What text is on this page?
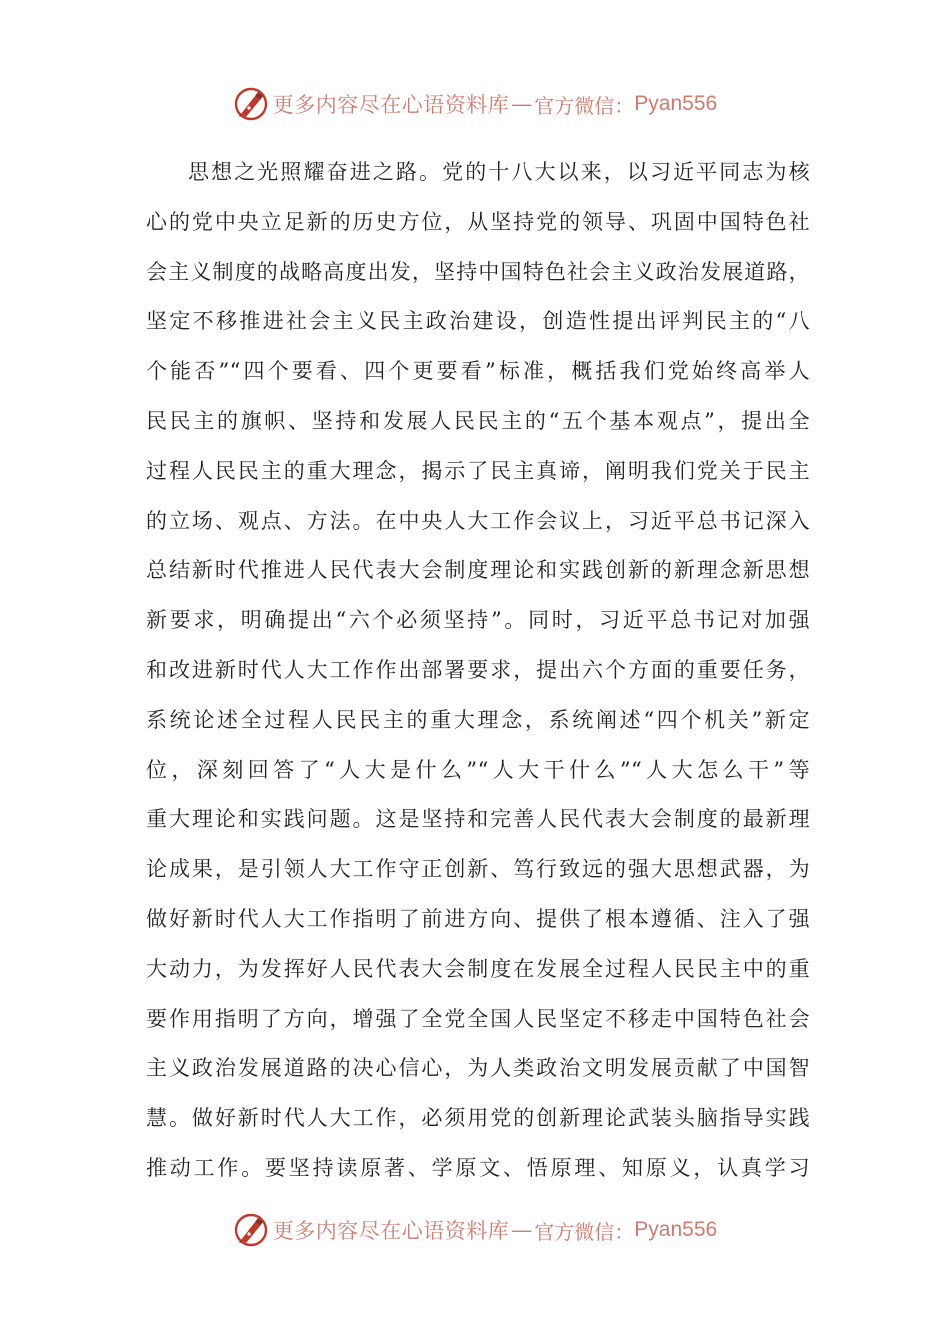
更多内容尽在心语资料库 — 官方微信： Pyan556
思想之光照耀奋进之路。党的十八大以来，以习近平同志为核
心的党中央立足新的历史方位，从坚持党的领导、巩固中国特色社
会主义制度的战略高度出发，坚持中国特色社会主义政治发展道路，
坚定不移推进社会主义民主政治建设，创造性提出评判民主的“八
个能否”“四个要看、四个更要看”标准，概括我们党始终高举人
民民主的旗帜、坚持和发展人民民主的“五个基本观点”，提出全
过程人民民主的重大理念，揭示了民主真谛，阐明我们党关于民主
的立场、观点、方法。在中央人大工作会议上，习近平总书记深入
总结新时代推进人民代表大会制度理论和实践创新的新理念新思想
新要求，明确提出“六个必须坚持”。同时，习近平总书记对加强
和改进新时代人大工作作出部署要求，提出六个方面的重要任务，
系统论述全过程人民民主的重大理念，系统阐述“四个机关”新定
位，深刻回答了“人大是什么”“人大干什么”“人大怎么干”等
重大理论和实践问题。这是坚持和完善人民代表大会制度的最新理
论成果，是引领人大工作守正创新、笃行致远的强大思想武器，为
做好新时代人大工作指明了前进方向、提供了根本遵循、注入了强
大动力，为发挥好人民代表大会制度在发展全过程人民民主中的重
要作用指明了方向，增强了全党全国人民坚定不移走中国特色社会
主义政治发展道路的决心信心，为人类政治文明发展贡献了中国智
慧。做好新时代人大工作，必须用党的创新理论武装头脑指导实践
推动工作。要坚持读原著、学原文、悟原理、知原义，认真学习
更多内容尽在心语资料库 — 官方微信： Pyan556
